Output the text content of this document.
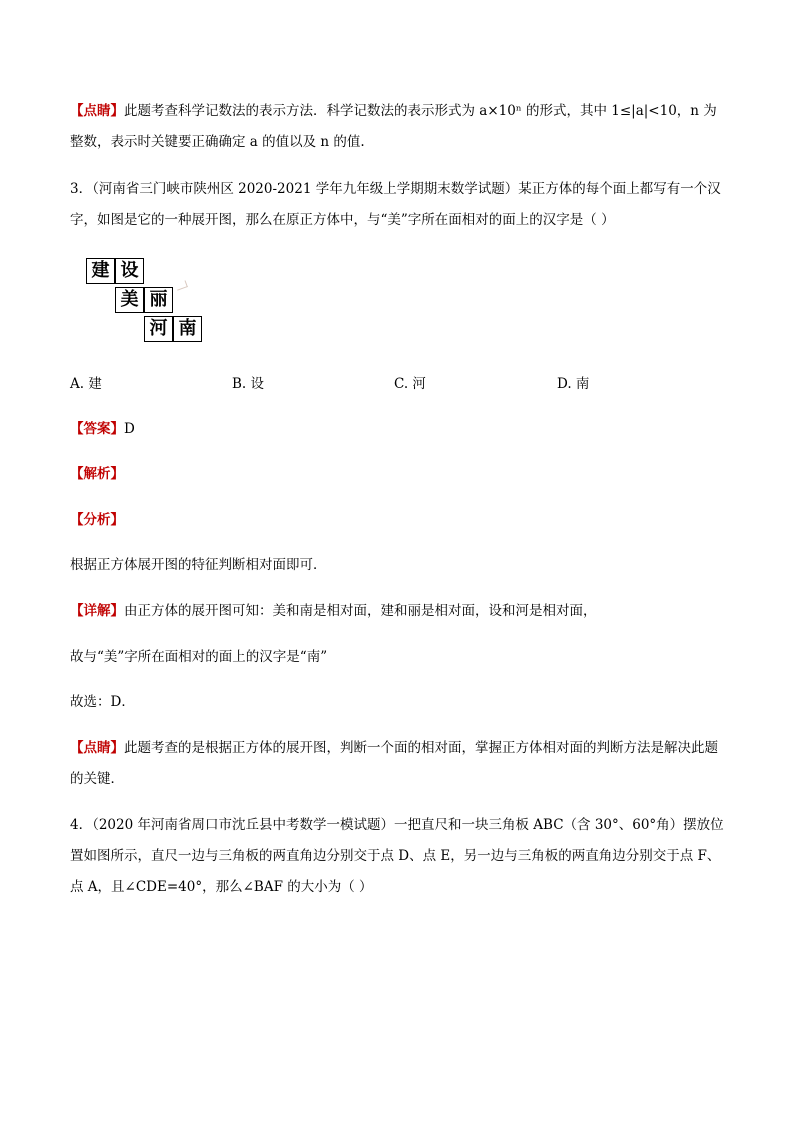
【点睛】此题考查科学记数法的表示方法．科学记数法的表示形式为 a×10ⁿ 的形式，其中 1≤|a|<10，n 为整数，表示时关键要正确确定 a 的值以及 n 的值.

3．（河南省三门峡市陕州区 2020-2021 学年九年级上学期期末数学试题）某正方体的每个面上都写有一个汉字，如图是它的一种展开图，那么在原正方体中，与“美”字所在面相对的面上的汉字是（ ）

建 设
美 丽
河 南
A. 建	B. 设	C. 河	D. 南

【答案】D

【解析】

【分析】

根据正方体展开图的特征判断相对面即可．

【详解】由正方体的展开图可知：美和南是相对面，建和丽是相对面，设和河是相对面，

故与“美”字所在面相对的面上的汉字是“南”

故选：D．

【点睛】此题考查的是根据正方体的展开图，判断一个面的相对面，掌握正方体相对面的判断方法是解决此题的关键．

4．（2020 年河南省周口市沈丘县中考数学一模试题）一把直尺和一块三角板 ABC（含 30°、60°角）摆放位置如图所示，直尺一边与三角板的两直角边分别交于点 D、点 E，另一边与三角板的两直角边分别交于点 F、点 A，且∠CDE=40°，那么∠BAF 的大小为（ ）
